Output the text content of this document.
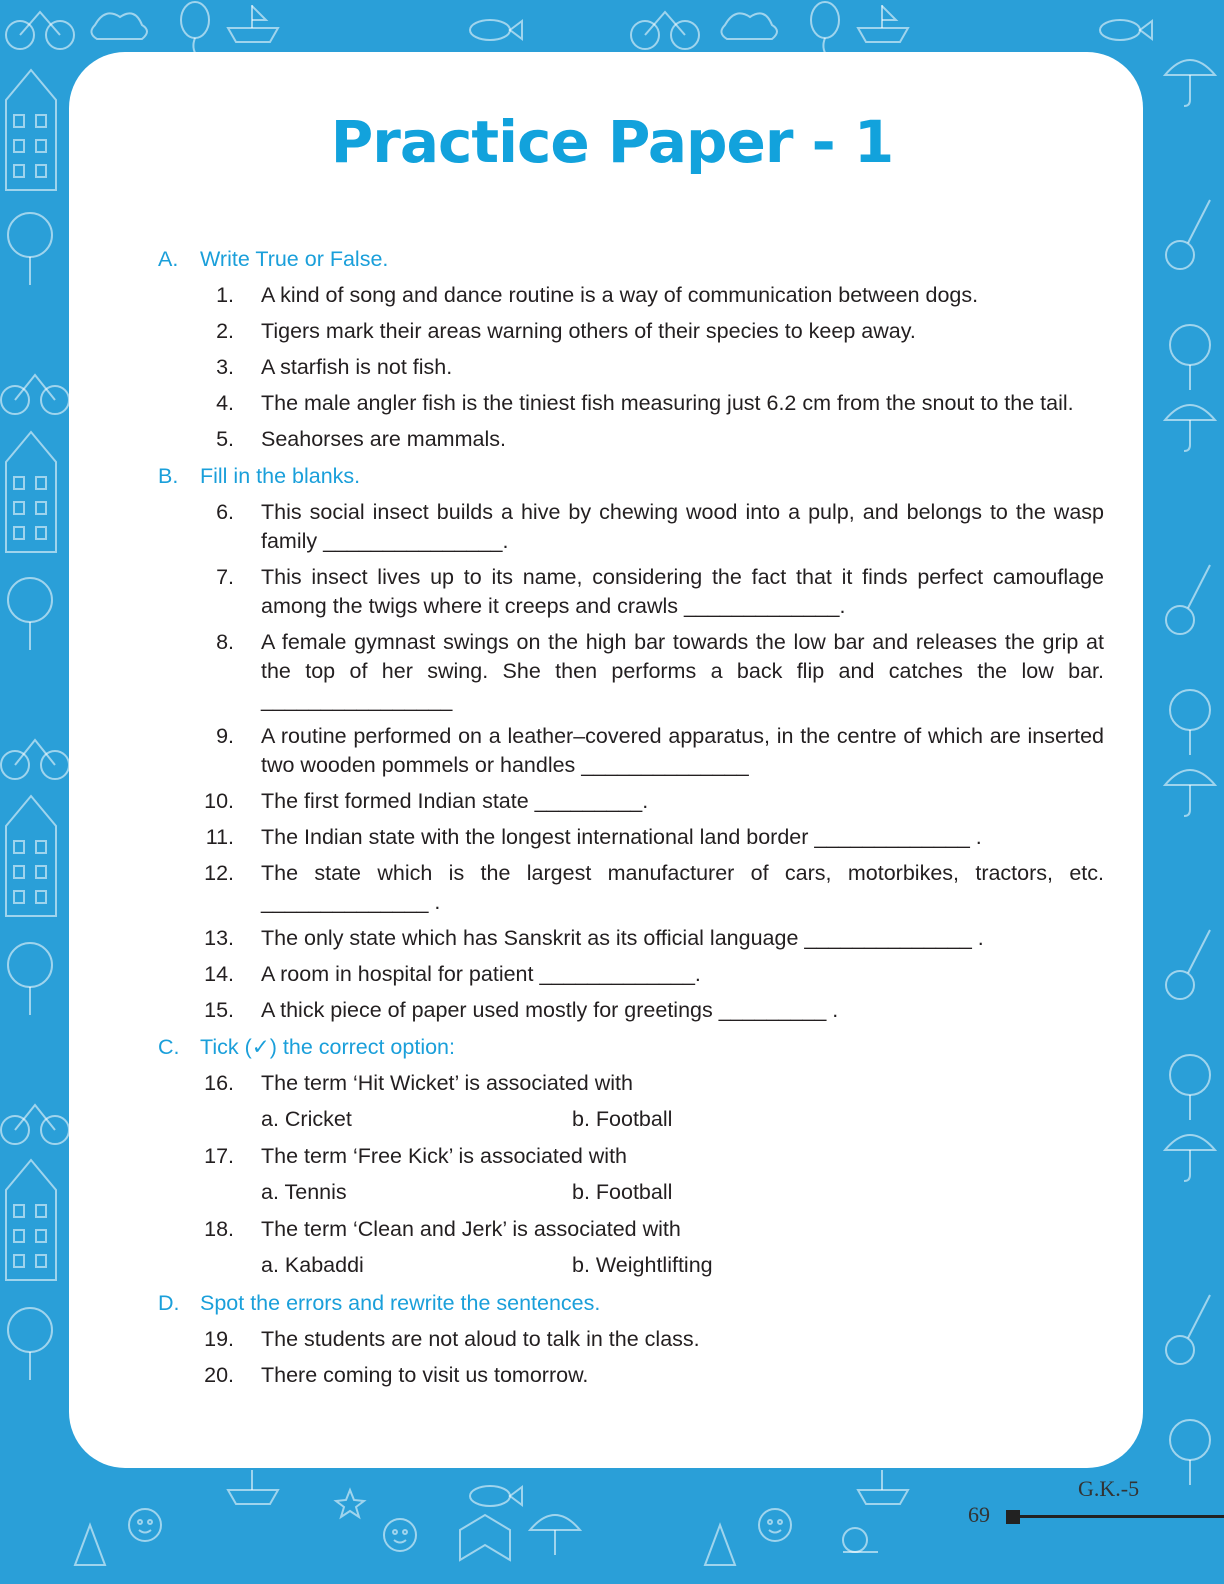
Practice Paper - 1
A.	Write True or False.
1.	A kind of song and dance routine is a way of communication between dogs.
2.	Tigers mark their areas warning others of their species to keep away.
3.	A starfish is not fish.
4.	The male angler fish is the tiniest fish measuring just 6.2 cm from the snout to the tail.
5.	Seahorses are mammals.
B.	Fill in the blanks.
6.	This social insect builds a hive by chewing wood into a pulp, and belongs to the wasp family _______________.
7.	This insect lives up to its name, considering the fact that it finds perfect camouflage among the twigs where it creeps and crawls _____________.
8.	A female gymnast swings on the high bar towards the low bar and releases the grip at the top of her swing. She then performs a back flip and catches the low bar. ________________
9.	A routine performed on a leather–covered apparatus, in the centre of which are inserted two wooden pommels or handles ______________
10.	The first formed Indian state _________.
11.	The Indian state with the longest international land border _____________ .
12.	The state which is the largest manufacturer of cars, motorbikes, tractors, etc. ______________ .
13.	The only state which has Sanskrit as its official language ______________ .
14.	A room in hospital for patient _____________.
15.	A thick piece of paper used mostly for greetings _________ .
C. Tick (✓) the correct option:
16.	The term ‘Hit Wicket’ is associated with
a. Cricket	b. Football
17.	The term ‘Free Kick’ is associated with
a. Tennis	b. Football
18.	The term ‘Clean and Jerk’ is associated with
a. Kabaddi	b. Weightlifting
D. Spot the errors and rewrite the sentences.
19.	The students are not aloud to talk in the class.
20.	There coming to visit us tomorrow.
G.K.-5
69
